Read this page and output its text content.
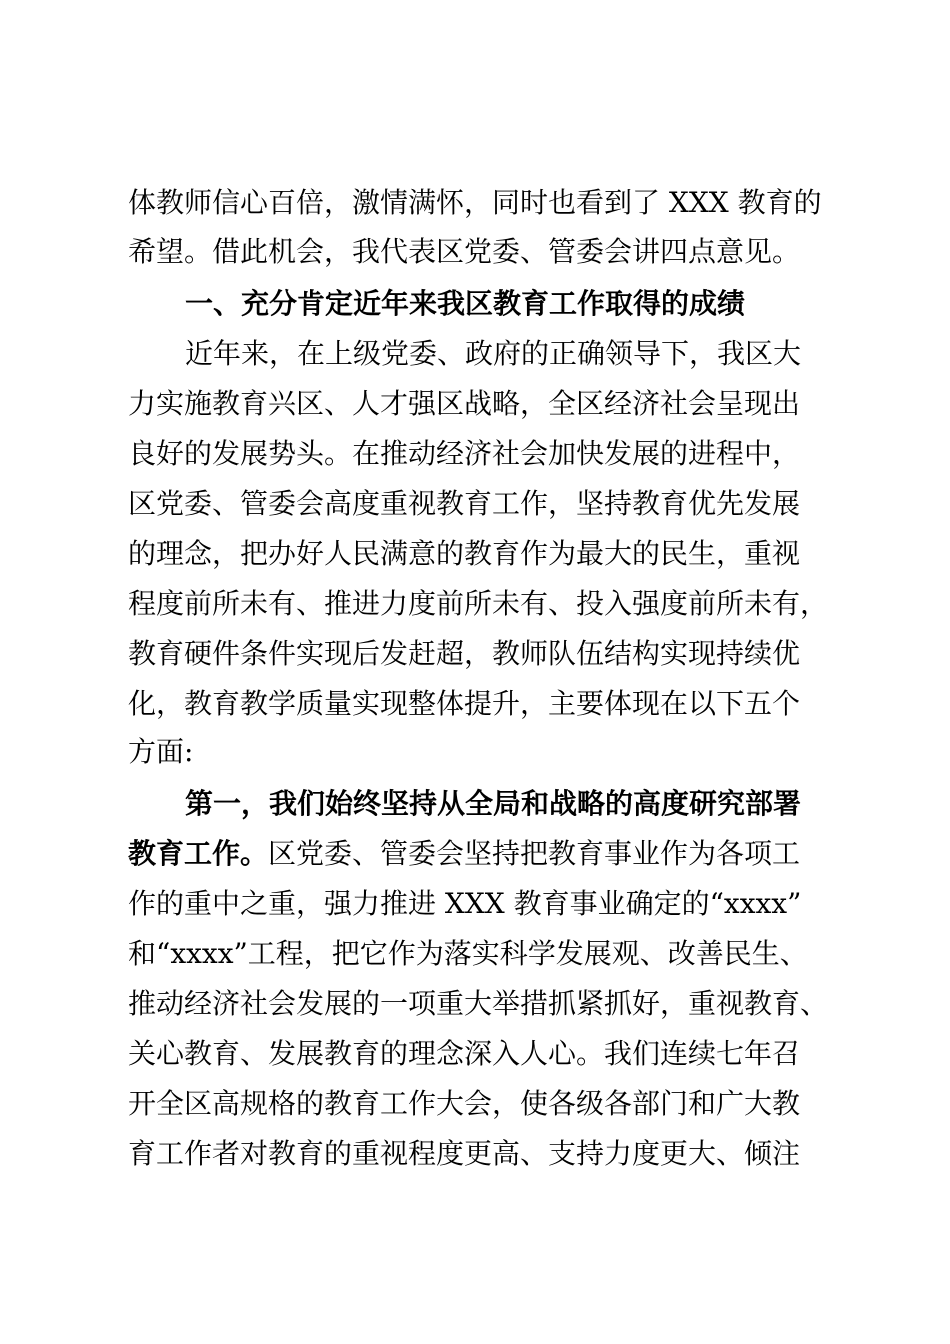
体教师信心百倍，激情满怀，同时也看到了 XXX 教育的
希望。借此机会，我代表区党委、管委会讲四点意见。
一、充分肯定近年来我区教育工作取得的成绩
近年来，在上级党委、政府的正确领导下，我区大
力实施教育兴区、人才强区战略，全区经济社会呈现出
良好的发展势头。在推动经济社会加快发展的进程中，
区党委、管委会高度重视教育工作，坚持教育优先发展
的理念，把办好人民满意的教育作为最大的民生，重视
程度前所未有、推进力度前所未有、投入强度前所未有，
教育硬件条件实现后发赶超，教师队伍结构实现持续优
化，教育教学质量实现整体提升，主要体现在以下五个
方面:
第一，我们始终坚持从全局和战略的高度研究部署
教育工作。区党委、管委会坚持把教育事业作为各项工
作的重中之重，强力推进 XXX 教育事业确定的“xxxx”
和“xxxx”工程，把它作为落实科学发展观、改善民生、
推动经济社会发展的一项重大举措抓紧抓好，重视教育、
关心教育、发展教育的理念深入人心。我们连续七年召
开全区高规格的教育工作大会，使各级各部门和广大教
育工作者对教育的重视程度更高、支持力度更大、倾注
